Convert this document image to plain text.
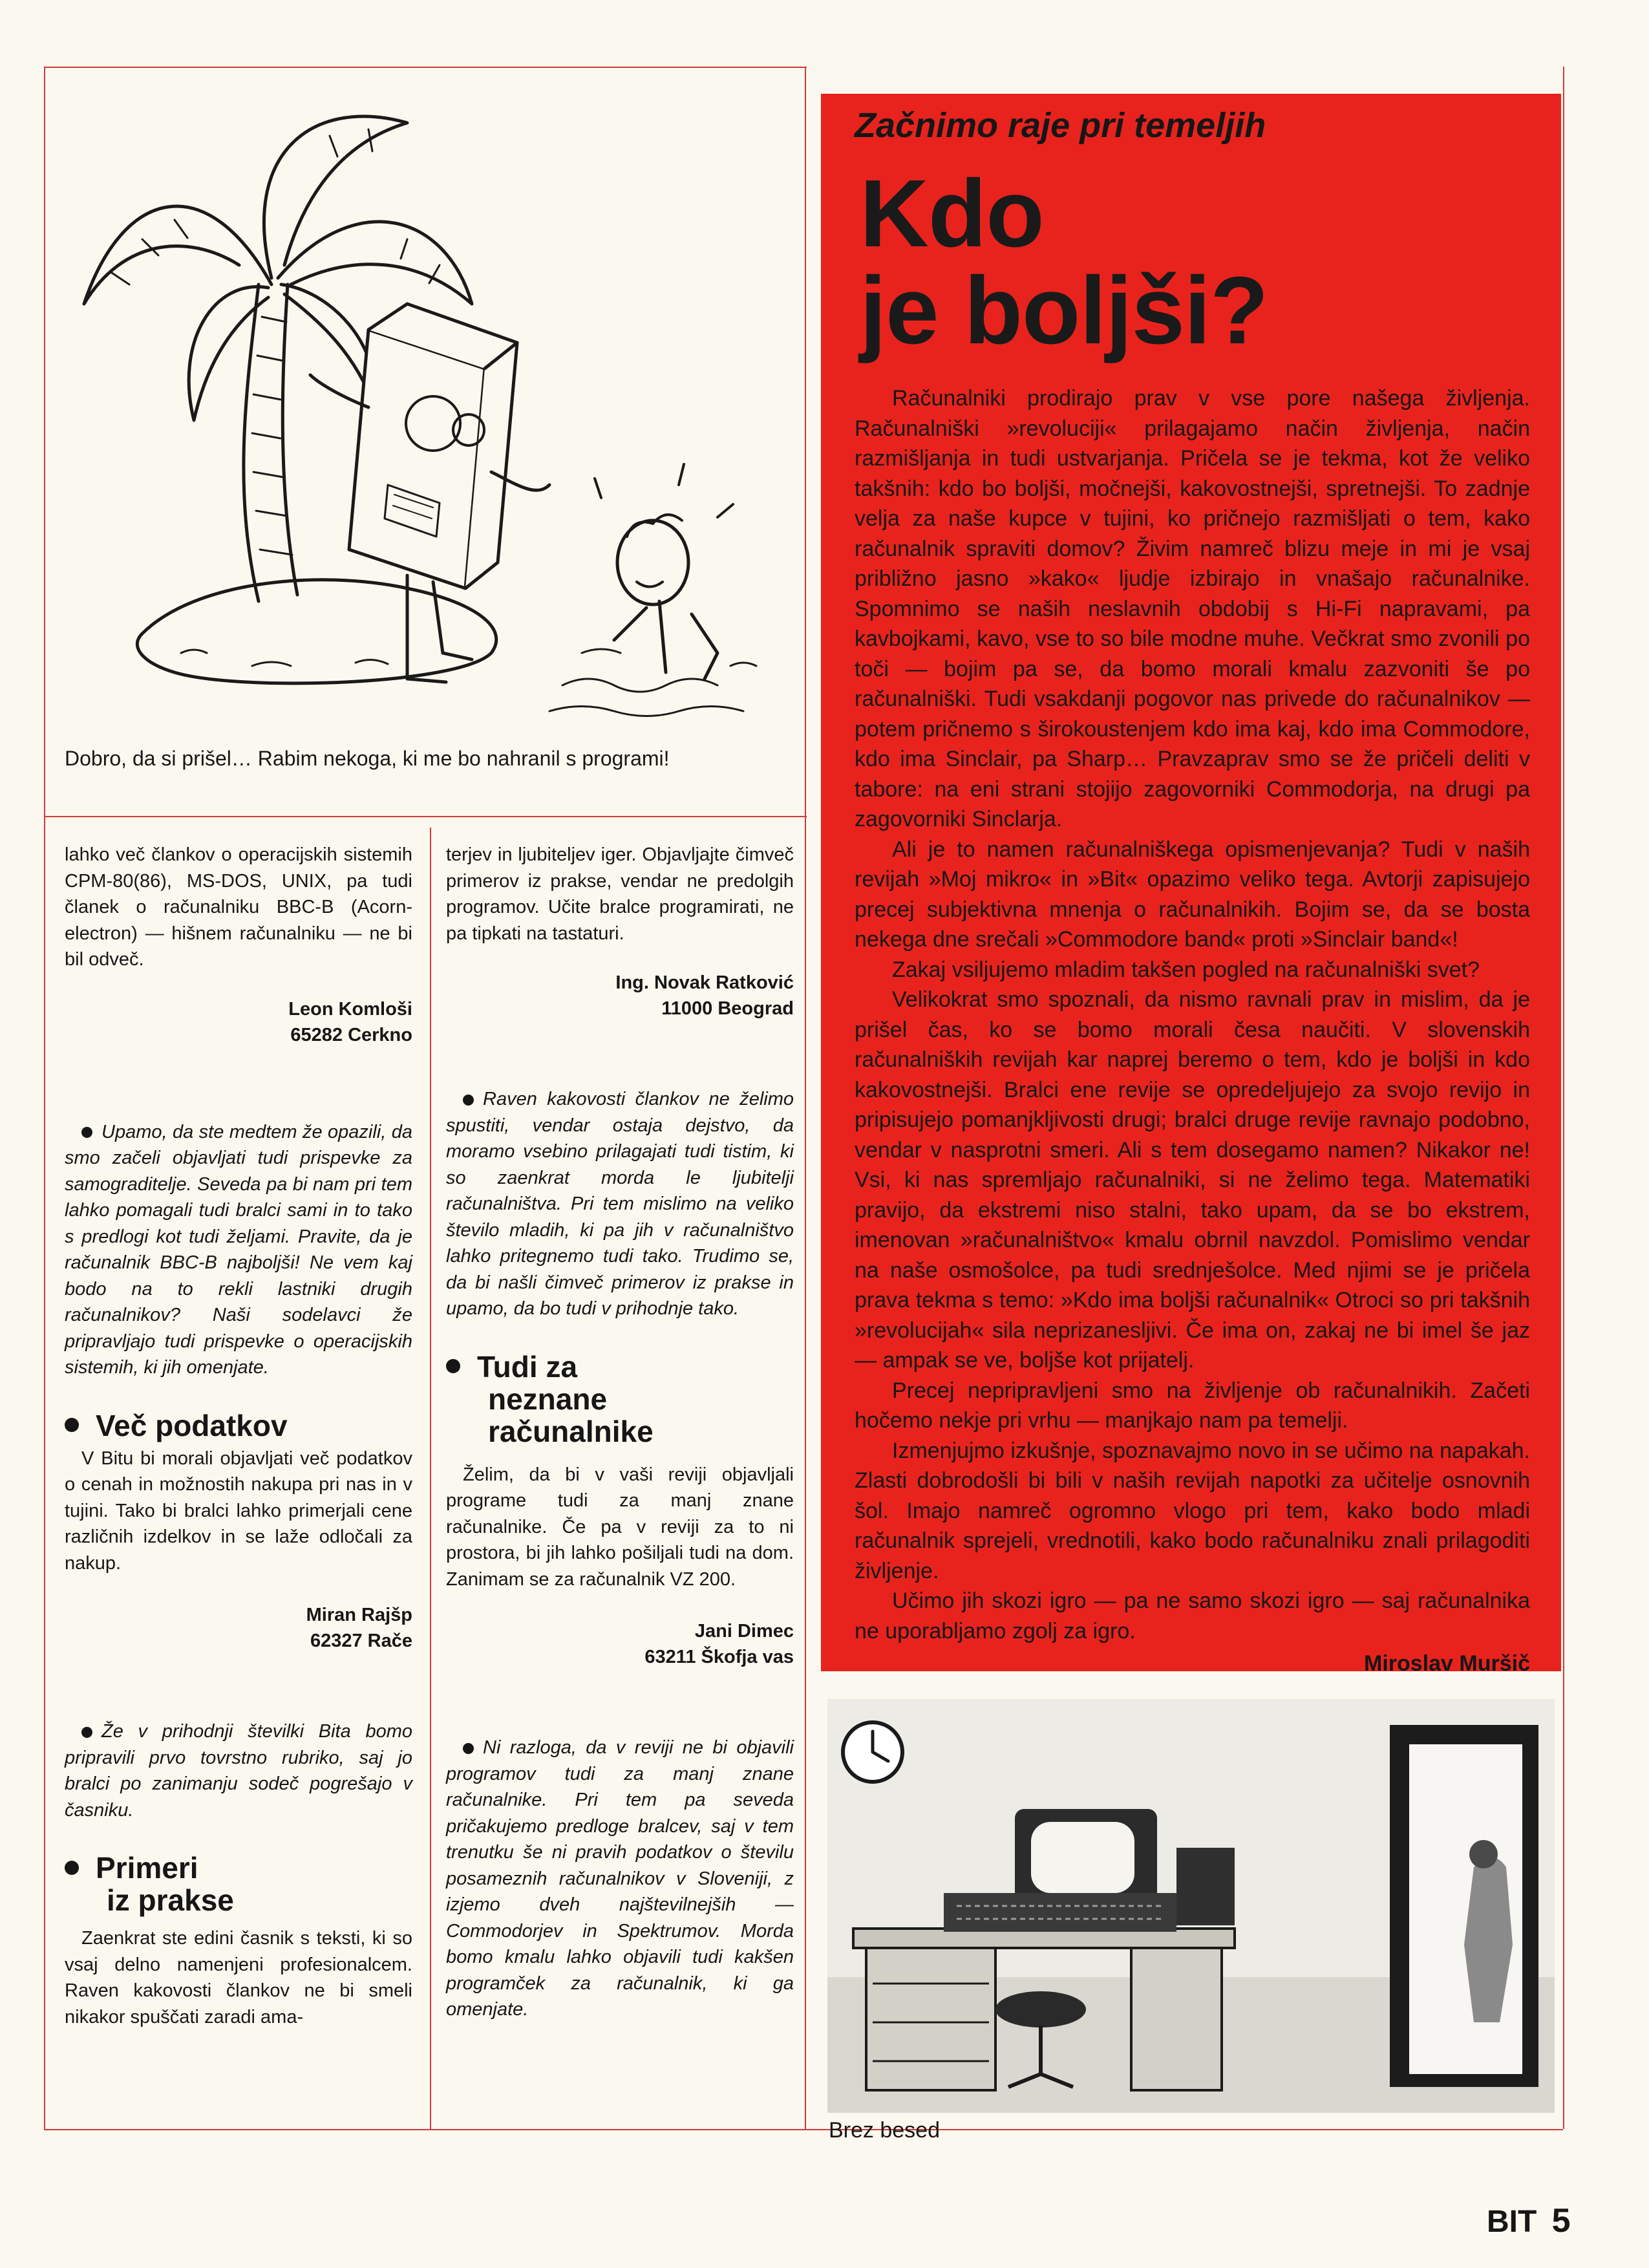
Dobro, da si prišel… Rabim nekoga, ki me bo nahranil s programi!

lahko več člankov o operacijskih sistemih CPM-80(86), MS-DOS, UNIX, pa tudi članek o računalniku BBC-B (Acorn-electron) — hišnem računalniku — ne bi bil odveč.

Leon Komloši

65282 Cerkno

Upamo, da ste medtem že opazili, da smo začeli objavljati tudi prispevke za samograditelje. Seveda pa bi nam pri tem lahko pomagali tudi bralci sami in to tako s predlogi kot tudi željami. Pravite, da je računalnik BBC-B najboljši! Ne vem kaj bodo na to rekli lastniki drugih računalnikov? Naši sodelavci že pripravljajo tudi prispevke o operacijskih sistemih, ki jih omenjate.

Več podatkov

V Bitu bi morali objavljati več podatkov o cenah in možnostih nakupa pri nas in v tujini. Tako bi bralci lahko primerjali cene različnih izdelkov in se laže odločali za nakup.

Miran Rajšp

62327 Rače

Že v prihodnji številki Bita bomo pripravili prvo tovrstno rubriko, saj jo bralci po zanimanju sodeč pogrešajo v časniku.

Primeri

iz prakse

Zaenkrat ste edini časnik s teksti, ki so vsaj delno namenjeni profesionalcem. Raven kakovosti člankov ne bi smeli nikakor spuščati zaradi ama-

terjev in ljubiteljev iger. Objavljajte čimveč primerov iz prakse, vendar ne predolgih programov. Učite bralce programirati, ne pa tipkati na tastaturi.

Ing. Novak Ratković

11000 Beograd

Raven kakovosti člankov ne želimo spustiti, vendar ostaja dejstvo, da moramo vsebino prilagajati tudi tistim, ki so zaenkrat morda le ljubitelji računalništva. Pri tem mislimo na veliko število mladih, ki pa jih v računalništvo lahko pritegnemo tudi tako. Trudimo se, da bi našli čimveč primerov iz prakse in upamo, da bo tudi v prihodnje tako.

Tudi za

neznane

računalnike

Želim, da bi v vaši reviji objavljali programe tudi za manj znane računalnike. Če pa v reviji za to ni prostora, bi jih lahko pošiljali tudi na dom. Zanimam se za računalnik VZ 200.

Jani Dimec

63211 Škofja vas

Ni razloga, da v reviji ne bi objavili programov tudi za manj znane računalnike. Pri tem pa seveda pričakujemo predloge bralcev, saj v tem trenutku še ni pravih podatkov o številu posameznih računalnikov v Sloveniji, z izjemo dveh najštevilnejših — Commodorjev in Spektrumov. Morda bomo kmalu lahko objavili tudi kakšen programček za računalnik, ki ga omenjate.

Začnimo raje pri temeljih
Kdo
je boljši?

Računalniki prodirajo prav v vse pore našega življenja. Računalniški »revoluciji« prilagajamo način življenja, način razmišljanja in tudi ustvarjanja. Pričela se je tekma, kot že veliko takšnih: kdo bo boljši, močnejši, kakovostnejši, spretnejši. To zadnje velja za naše kupce v tujini, ko pričnejo razmišljati o tem, kako računalnik spraviti domov? Živim namreč blizu meje in mi je vsaj približno jasno »kako« ljudje izbirajo in vnašajo računalnike. Spomnimo se naših neslavnih obdobij s Hi-Fi napravami, pa kavbojkami, kavo, vse to so bile modne muhe. Večkrat smo zvonili po toči — bojim pa se, da bomo morali kmalu zazvoniti še po računalniški. Tudi vsakdanji pogovor nas privede do računalnikov — potem pričnemo s širokoustenjem kdo ima kaj, kdo ima Commodore, kdo ima Sinclair, pa Sharp… Pravzaprav smo se že pričeli deliti v tabore: na eni strani stojijo zagovorniki Commodorja, na drugi pa zagovorniki Sinclarja.

Ali je to namen računalniškega opismenjevanja? Tudi v naših revijah »Moj mikro« in »Bit« opazimo veliko tega. Avtorji zapisujejo precej subjektivna mnenja o računalnikih. Bojim se, da se bosta nekega dne srečali »Commodore band« proti »Sinclair band«!

Zakaj vsiljujemo mladim takšen pogled na računalniški svet?

Velikokrat smo spoznali, da nismo ravnali prav in mislim, da je prišel čas, ko se bomo morali česa naučiti. V slovenskih računalniških revijah kar naprej beremo o tem, kdo je boljši in kdo kakovostnejši. Bralci ene revije se opredeljujejo za svojo revijo in pripisujejo pomanjkljivosti drugi; bralci druge revije ravnajo podobno, vendar v nasprotni smeri. Ali s tem dosegamo namen? Nikakor ne! Vsi, ki nas spremljajo računalniki, si ne želimo tega. Matematiki pravijo, da ekstremi niso stalni, tako upam, da se bo ekstrem, imenovan »računalništvo« kmalu obrnil navzdol. Pomislimo vendar na naše osmošolce, pa tudi srednješolce. Med njimi se je pričela prava tekma s temo: »Kdo ima boljši računalnik« Otroci so pri takšnih »revolucijah« sila neprizanesljivi. Če ima on, zakaj ne bi imel še jaz — ampak se ve, boljše kot prijatelj.

Precej nepripravljeni smo na življenje ob računalnikih. Začeti hočemo nekje pri vrhu — manjkajo nam pa temelji.

Izmenjujmo izkušnje, spoznavajmo novo in se učimo na napakah. Zlasti dobrodošli bi bili v naših revijah napotki za učitelje osnovnih šol. Imajo namreč ogromno vlogo pri tem, kako bodo mladi računalnik sprejeli, vrednotili, kako bodo računalniku znali prilagoditi življenje.

Učimo jih skozi igro — pa ne samo skozi igro — saj računalnika ne uporabljamo zgolj za igro.

Miroslav Muršič

Brez besed
BIT 5
